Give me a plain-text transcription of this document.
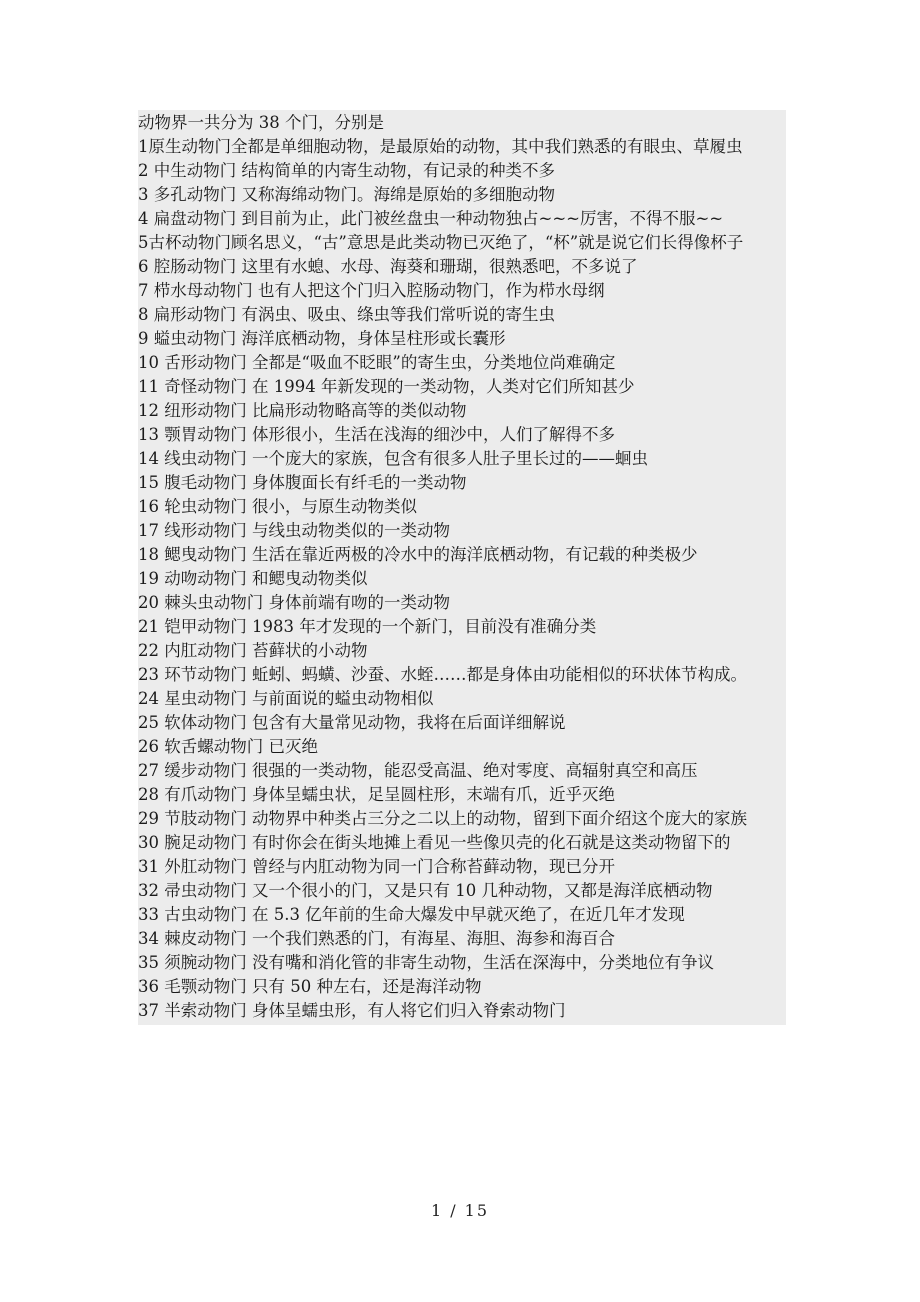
动物界一共分为 38 个门，分别是
1原生动物门全都是单细胞动物，是最原始的动物，其中我们熟悉的有眼虫、草履虫
2 中生动物门 结构简单的内寄生动物，有记录的种类不多
3 多孔动物门 又称海绵动物门。海绵是原始的多细胞动物
4 扁盘动物门 到目前为止，此门被丝盘虫一种动物独占~~~厉害，不得不服~~
5古杯动物门顾名思义，“古”意思是此类动物已灭绝了，“杯”就是说它们长得像杯子
6 腔肠动物门 这里有水螅、水母、海葵和珊瑚，很熟悉吧，不多说了
7 栉水母动物门 也有人把这个门归入腔肠动物门，作为栉水母纲
8 扁形动物门 有涡虫、吸虫、绦虫等我们常听说的寄生虫
9 螠虫动物门 海洋底栖动物，身体呈柱形或长囊形
10 舌形动物门 全都是“吸血不眨眼”的寄生虫，分类地位尚难确定
11 奇怪动物门 在 1994 年新发现的一类动物，人类对它们所知甚少
12 纽形动物门 比扁形动物略高等的类似动物
13 颚胃动物门 体形很小，生活在浅海的细沙中，人们了解得不多
14 线虫动物门 一个庞大的家族，包含有很多人肚子里长过的——蛔虫
15 腹毛动物门 身体腹面长有纤毛的一类动物
16 轮虫动物门 很小，与原生动物类似
17 线形动物门 与线虫动物类似的一类动物
18 鳃曳动物门 生活在靠近两极的冷水中的海洋底栖动物，有记载的种类极少
19 动吻动物门 和鳃曳动物类似
20 棘头虫动物门 身体前端有吻的一类动物
21 铠甲动物门 1983 年才发现的一个新门，目前没有准确分类
22 内肛动物门 苔藓状的小动物
23 环节动物门 蚯蚓、蚂蟥、沙蚕、水蛭……都是身体由功能相似的环状体节构成。
24 星虫动物门 与前面说的螠虫动物相似
25 软体动物门 包含有大量常见动物，我将在后面详细解说
26 软舌螺动物门 已灭绝
27 缓步动物门 很强的一类动物，能忍受高温、绝对零度、高辐射真空和高压
28 有爪动物门 身体呈蠕虫状，足呈圆柱形，末端有爪，近乎灭绝
29 节肢动物门 动物界中种类占三分之二以上的动物，留到下面介绍这个庞大的家族
30 腕足动物门 有时你会在街头地摊上看见一些像贝壳的化石就是这类动物留下的
31 外肛动物门 曾经与内肛动物为同一门合称苔藓动物，现已分开
32 帚虫动物门 又一个很小的门，又是只有 10 几种动物，又都是海洋底栖动物
33 古虫动物门 在 5.3 亿年前的生命大爆发中早就灭绝了，在近几年才发现
34 棘皮动物门 一个我们熟悉的门，有海星、海胆、海参和海百合
35 须腕动物门 没有嘴和消化管的非寄生动物，生活在深海中，分类地位有争议
36 毛颚动物门 只有 50 种左右，还是海洋动物
37 半索动物门 身体呈蠕虫形，有人将它们归入脊索动物门
1 / 15
